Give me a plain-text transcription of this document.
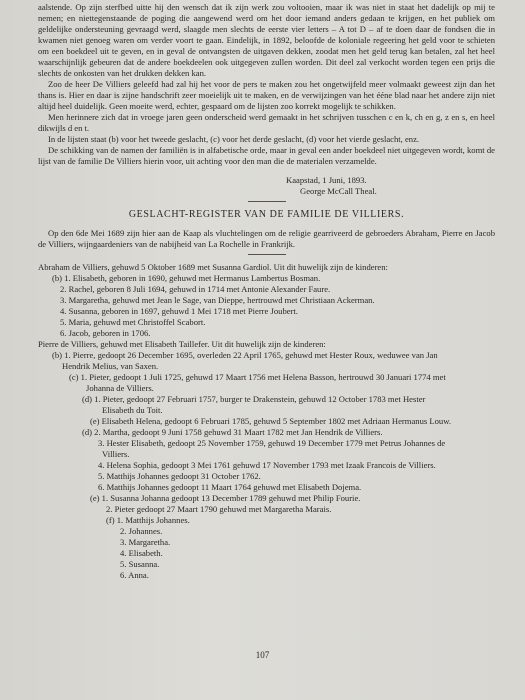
aalstende. Op zijn sterfbed uitte hij den wensch dat ik zijn werk zou voltooien, maar ik was niet in staat het dadelijk op mij te nemen; en niettegenstaande de poging die aangewend werd om het door iemand anders gedaan te krijgen, en het publiek om geldelijke ondersteuning gevraagd werd, slaagde men slechts de eerste vier letters – A tot D – af te doen daar de fondsen die in kwamen niet genoeg waren om verder voort te gaan. Eindelijk, in 1892, beloofde de koloniale regeering het geld voor te schieten om een boekdeel uit te geven, en in geval de ontvangsten de uitgaven dekken, zoodat men het geld terug kan betalen, zal het heel waarschijnlijk gebeuren dat de andere boekdeelen ook uitgegeven zullen worden. Dit deel zal verkocht worden tegen een prijs die slechts de onkosten van het drukken dekken kan.

Zoo de heer De Villiers geleefd had zal hij het voor de pers te maken zou het ongetwijfeld meer volmaakt geweest zijn dan het thans is. Hier en daar is zijne handschrift zeer moeielijk uit te maken, en de verwijzingen van het ééne blad naar het andere zijn niet altijd heel duidelijk. Geen moeite werd, echter, gespaard om de lijsten zoo korrekt mogelijk te schikken.

Men herinnere zich dat in vroege jaren geen onderscheid werd gemaakt in het schrijven tusschen c en k, ch en g, z en s, en heel dikwijls d en t.

In de lijsten staat (b) voor het tweede geslacht, (c) voor het derde geslacht, (d) voor het vierde geslacht, enz.

De schikking van de namen der familiën is in alfabetische orde, maar in geval een ander boekdeel niet uitgegeven wordt, komt de lijst van de familie De Villiers hierin voor, uit achting voor den man die de materialen verzamelde.

Kaapstad, 1 Juni, 1893.

George McCall Theal.

GESLACHT-REGISTER VAN DE FAMILIE DE VILLIERS.

Op den 6de Mei 1689 zijn hier aan de Kaap als vluchtelingen om de religie gearriveerd de gebroeders Abraham, Pierre en Jacob de Villiers, wijngaardeniers van de nabijheid van La Rochelle in Frankrijk.

Abraham de Villiers, gehuwd 5 Oktober 1689 met Susanna Gardiol. Uit dit huwelijk zijn de kinderen:

(b) 1. Elisabeth, geboren in 1690, gehuwd met Hermanus Lambertus Bosman.

2. Rachel, geboren 8 Juli 1694, gehuwd in 1714 met Antonie Alexander Faure.

3. Margaretha, gehuwd met Jean le Sage, van Dieppe, hertrouwd met Christiaan Ackerman.

4. Susanna, geboren in 1697, gehuwd 1 Mei 1718 met Pierre Joubert.

5. Maria, gehuwd met Christoffel Scabort.

6. Jacob, geboren in 1706.

Pierre de Villiers, gehuwd met Elisabeth Taillefer. Uit dit huwelijk zijn de kinderen:

(b) 1. Pierre, gedoopt 26 December 1695, overleden 22 April 1765, gehuwd met Hester Roux, weduwee van Jan

Hendrik Melius, van Saxen.

(c) 1. Pieter, gedoopt 1 Juli 1725, gehuwd 17 Maart 1756 met Helena Basson, hertrouwd 30 Januari 1774 met

Johanna de Villiers.

(d) 1. Pieter, gedoopt 27 Februari 1757, burger te Drakenstein, gehuwd 12 October 1783 met Hester

Elisabeth du Toit.

(e) Elisabeth Helena, gedoopt 6 Februari 1785, gehuwd 5 September 1802 met Adriaan Hermanus Louw.

(d) 2. Martha, gedoopt 9 Juni 1758 gehuwd 31 Maart 1782 met Jan Hendrik de Villiers.

3. Hester Elisabeth, gedoopt 25 November 1759, gehuwd 19 December 1779 met Petrus Johannes de

Villiers.

4. Helena Sophia, gedoopt 3 Mei 1761 gehuwd 17 November 1793 met Izaak Francois de Villiers.

5. Matthijs Johannes gedoopt 31 October 1762.

6. Matthijs Johannes gedoopt 11 Maart 1764 gehuwd met Elisabeth Dojema.

(e) 1. Susanna Johanna gedoopt 13 December 1789 gehuwd met Philip Fourie.

2. Pieter gedoopt 27 Maart 1790 gehuwd met Margaretha Marais.

(f) 1. Matthijs Johannes.

2. Johannes.

3. Margaretha.

4. Elisabeth.

5. Susanna.

6. Anna.

107
